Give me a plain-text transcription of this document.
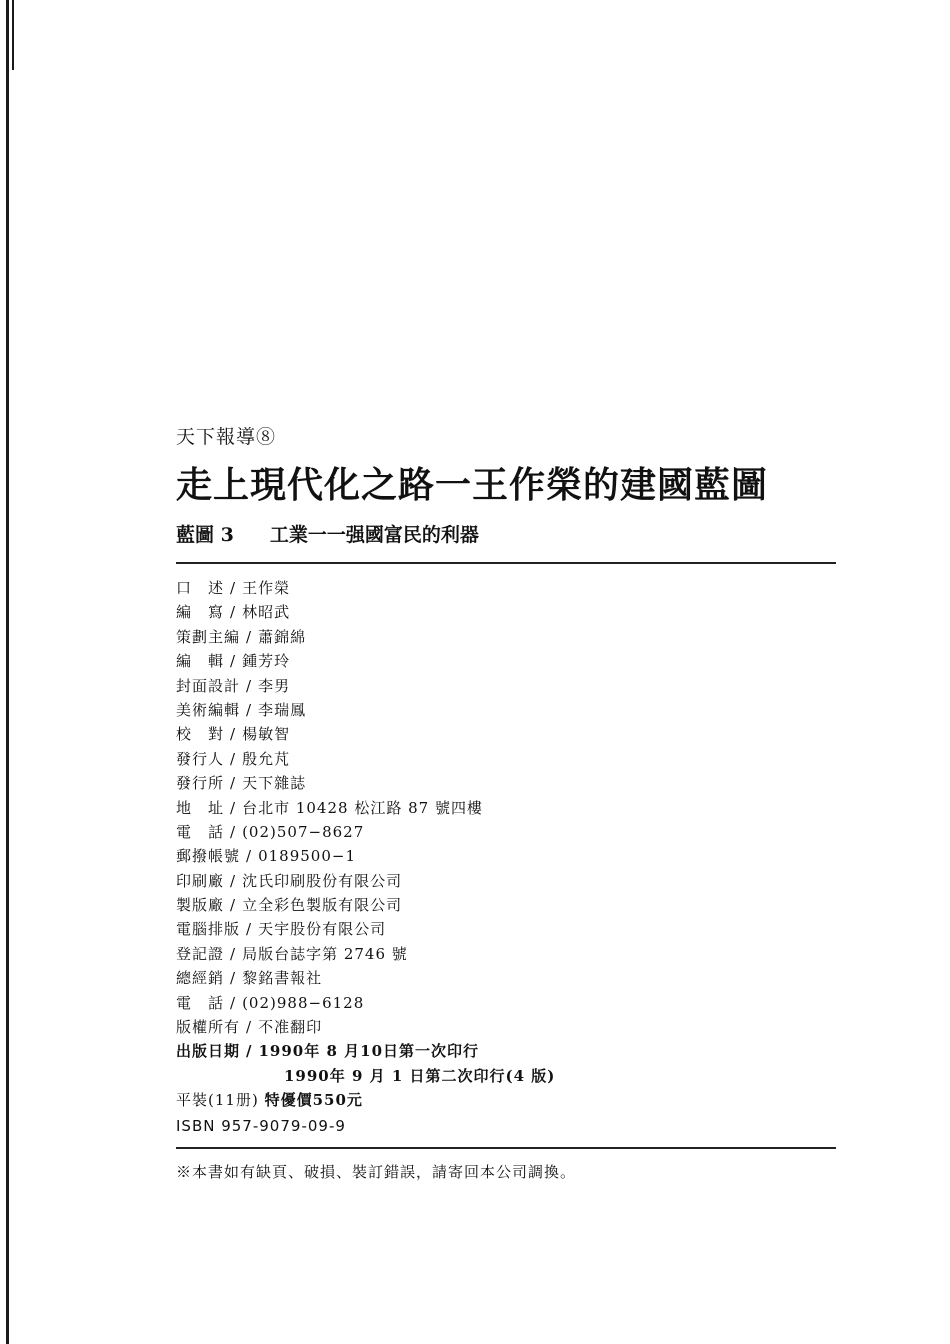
天下報導⑧
走上現代化之路一王作榮的建國藍圖
藍圖 3 工業一一强國富民的利器
口　述 / 王作榮
編　寫 / 林昭武
策劃主編 / 蕭錦綿
編　輯 / 鍾芳玲
封面設計 / 李男
美術編輯 / 李瑞鳳
校　對 / 楊敏智
發行人 / 殷允芃
發行所 / 天下雜誌
地　址 / 台北市 10428 松江路 87 號四樓
電　話 / (02)507−8627
郵撥帳號 / 0189500−1
印刷廠 / 沈氏印刷股份有限公司
製版廠 / 立全彩色製版有限公司
電腦排版 / 天宇股份有限公司
登記證 / 局版台誌字第 2746 號
總經銷 / 黎銘書報社
電　話 / (02)988−6128
版權所有 / 不准翻印
出版日期 / 1990年 8 月10日第一次印行
1990年 9 月 1 日第二次印行(4 版)
平裝(11册) 特優價550元
ISBN 957-9079-09-9
※本書如有缺頁、破損、裝訂錯誤，請寄回本公司調換。
